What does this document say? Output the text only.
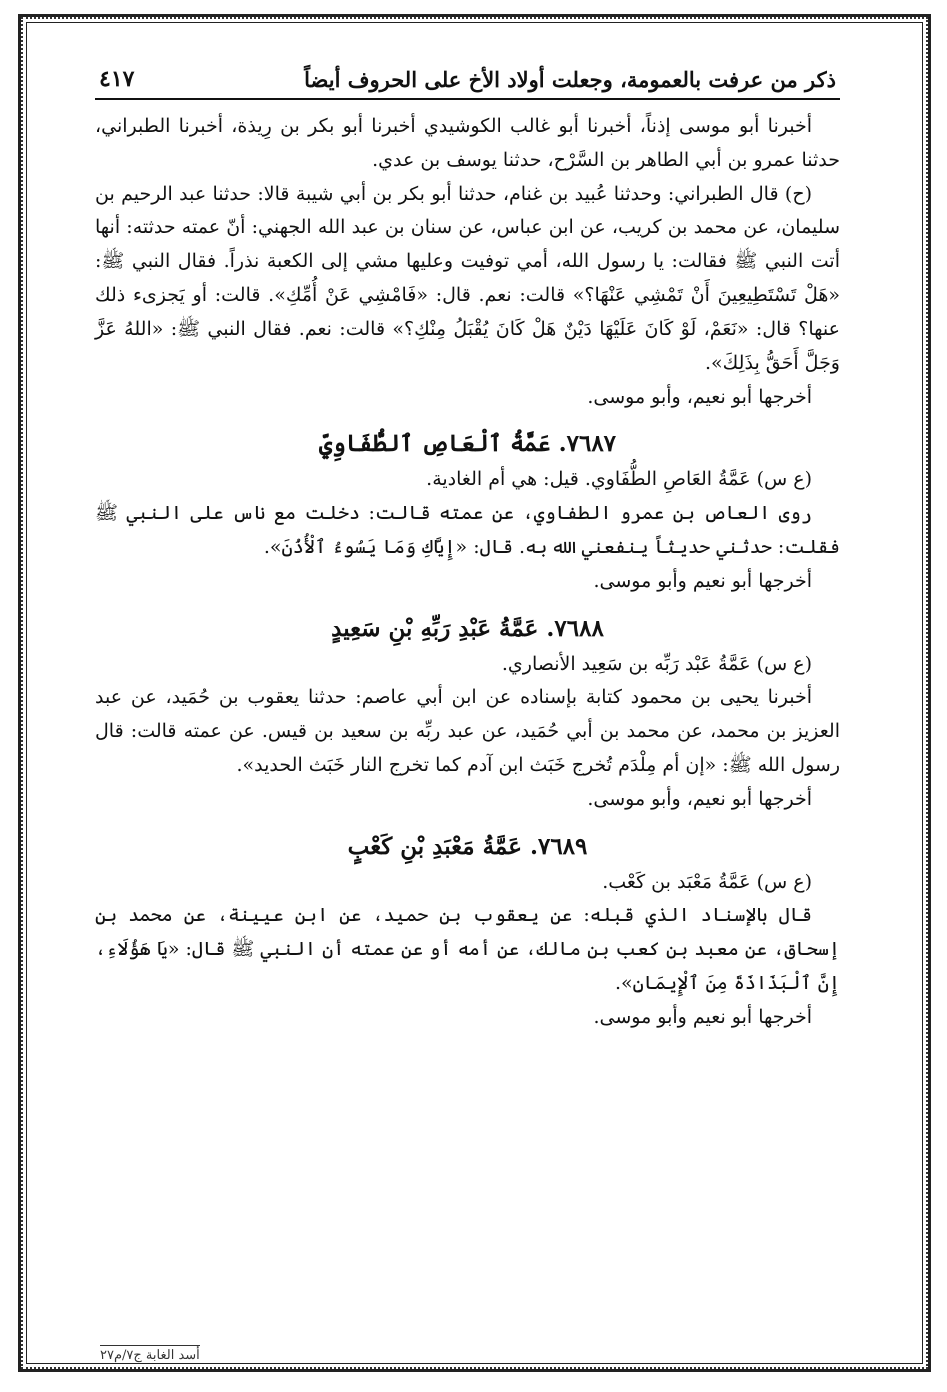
ذكر من عرفت بالعمومة، وجعلت أولاد الأخ على الحروف أيضاً
٤١٧

أخبرنا أبو موسى إذناً، أخبرنا أبو غالب الكوشيدي أخبرنا أبو بكر بن رِيذة، أخبرنا الطبراني، حدثنا عمرو بن أبي الطاهر بن السَّرْح، حدثنا يوسف بن عدي.

(ح) قال الطبراني: وحدثنا عُبيد بن غنام، حدثنا أبو بكر بن أبي شيبة قالا: حدثنا عبد الرحيم بن سليمان، عن محمد بن كريب، عن ابن عباس، عن سنان بن عبد الله الجهني: أنّ عمته حدثته: أنها أتت النبي ﷺ فقالت: يا رسول الله، أمي توفيت وعليها مشي إلى الكعبة نذراً. فقال النبي ﷺ: «هَلْ تَسْتَطِيعِينَ أَنْ تَمْشِي عَنْهَا؟» قالت: نعم. قال: «فَامْشِي عَنْ أُمِّكِ». قالت: أو يَجزىء ذلك عنها؟ قال: «نَعَمْ، لَوْ كَانَ عَلَيْهَا دَيْنٌ هَلْ كَانَ يُقْبَلُ مِنْكِ؟» قالت: نعم. فقال النبي ﷺ: «اللهُ عَزَّ وَجَلَّ أَحَقُّ بِذَلِكَ».

أخرجها أبو نعيم، وأبو موسى.

٧٦٨٧. عَمَّةُ ٱلْعَاصِ ٱلطُّفَاوِيِّ

(ع س) عَمَّةُ العَاصِ الطُّفَاوي. قيل: هي أم الغادية.

روى العاص بن عمرو الطفاوي، عن عمته قالت: دخلت مع ناس على النبي ﷺ فقلت: حدثني حديثاً ينفعني الله به. قال: «إِيَّاكِ وَمَا يَسُوءُ ٱلْأُذُنَ».

أخرجها أبو نعيم وأبو موسى.

٧٦٨٨. عَمَّةُ عَبْدِ رَبِّهِ بْنِ سَعِيدٍ

(ع س) عَمَّةُ عَبْد رَبِّه بن سَعِيد الأنصاري.

أخبرنا يحيى بن محمود كتابة بإسناده عن ابن أبي عاصم: حدثنا يعقوب بن حُمَيد، عن عبد العزيز بن محمد، عن محمد بن أبي حُمَيد، عن عبد ربِّه بن سعيد بن قيس. عن عمته قالت: قال رسول الله ﷺ: «إن أم مِلْدَم تُخرج خَبَث ابن آدم كما تخرج النار خَبَث الحديد».

أخرجها أبو نعيم، وأبو موسى.

٧٦٨٩. عَمَّةُ مَعْبَدِ بْنِ كَعْبٍ

(ع س) عَمَّةُ مَعْبَد بن كَعْب.

قال بالإسناد الذي قبله: عن يعقوب بن حميد، عن ابن عيينة، عن محمد بن إسحاق، عن معبد بن كعب بن مالك، عن أمه أو عن عمته أن النبي ﷺ قال: «يَا هَؤُلَاءِ، إِنَّ ٱلْبَذَاذَةَ مِنَ ٱلْإِيمَانِ».

أخرجها أبو نعيم وأبو موسى.

أسد الغابة ج٧/م٢٧
